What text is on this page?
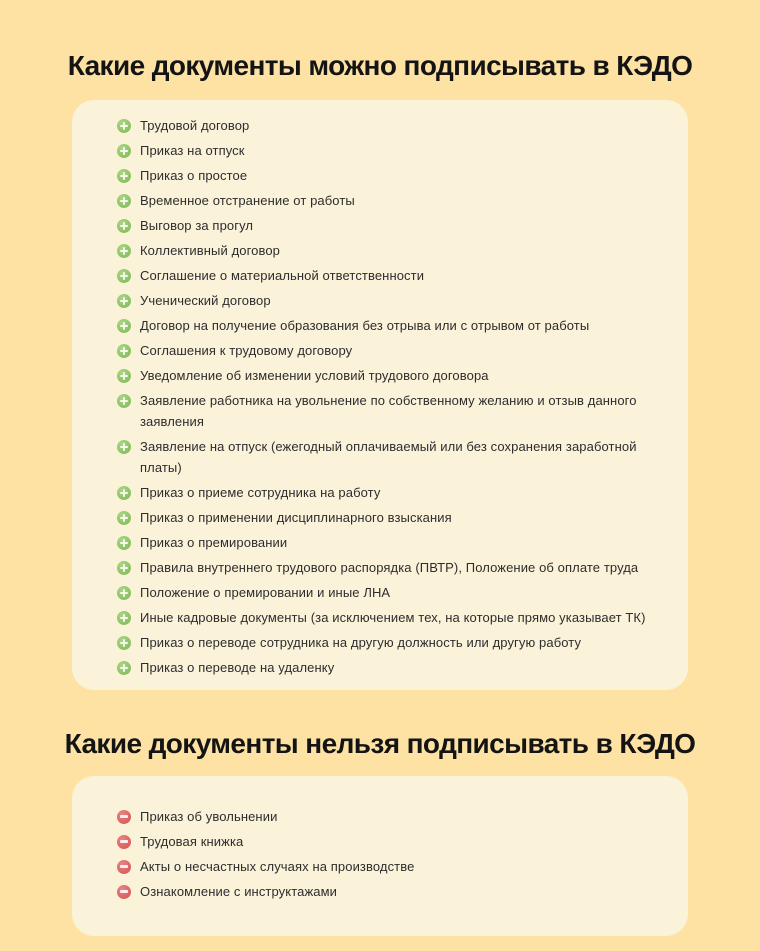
Какие документы можно подписывать в КЭДО
Трудовой договор
Приказ на отпуск
Приказ о простое
Временное отстранение от работы
Выговор за прогул
Коллективный договор
Соглашение о материальной ответственности
Ученический договор
Договор на получение образования без отрыва или с отрывом от работы
Соглашения к трудовому договору
Уведомление об изменении условий трудового договора
Заявление работника на увольнение по собственному желанию и отзыв данного заявления
Заявление на отпуск (ежегодный оплачиваемый или без сохранения заработной платы)
Приказ о приеме сотрудника на работу
Приказ о применении дисциплинарного взыскания
Приказ о премировании
Правила внутреннего трудового распорядка (ПВТР), Положение об оплате труда
Положение о премировании и иные ЛНА
Иные кадровые документы (за исключением тех, на которые прямо указывает ТК)
Приказ о переводе сотрудника на другую должность или другую работу
Приказ о переводе на удаленку
Какие документы нельзя подписывать в КЭДО
Приказ об увольнении
Трудовая книжка
Акты о несчастных случаях на производстве
Ознакомление с инструктажами
